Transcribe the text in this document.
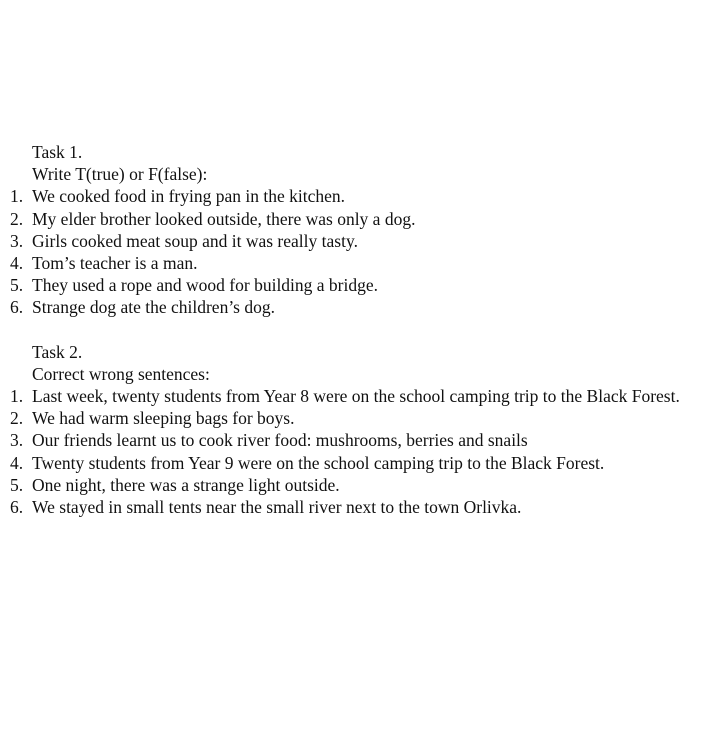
Task 1.
Write T(true) or F(false):
1. We cooked food in frying pan in the kitchen.
2. My elder brother looked outside, there was only a dog.
3. Girls cooked meat soup and it was really tasty.
4. Tom’s teacher is a man.
5. They used a rope and wood for building a bridge.
6. Strange dog ate the children’s dog.
Task 2.
Correct wrong sentences:
1. Last week, twenty students from Year 8 were on the school camping trip to the Black Forest.
2. We had warm sleeping bags for boys.
3. Our friends learnt us to cook river food: mushrooms, berries and snails
4. Twenty students from Year 9 were on the school camping trip to the Black Forest.
5. One night, there was a strange light outside.
6. We stayed in small tents near the small river next to the town Orlivka.
